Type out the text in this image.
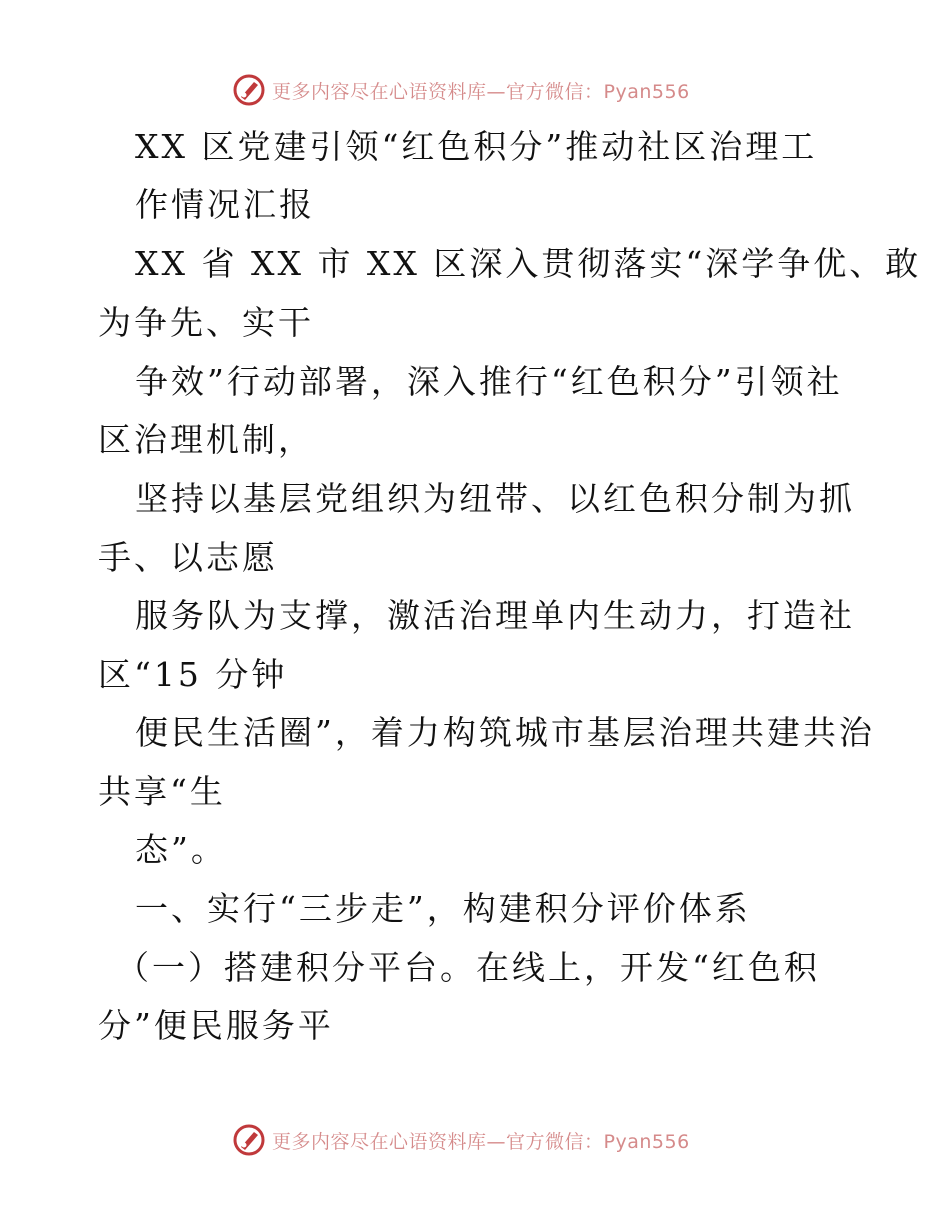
更多内容尽在心语资料库—官方微信：Pyan556
XX 区党建引领“红色积分”推动社区治理工
作情况汇报
XX 省 XX 市 XX 区深入贯彻落实“深学争优、敢
为争先、实干
争效”行动部署，深入推行“红色积分”引领社
区治理机制，
坚持以基层党组织为纽带、以红色积分制为抓
手、以志愿
服务队为支撑，激活治理单内生动力，打造社
区“15 分钟
便民生活圈”，着力构筑城市基层治理共建共治
共享“生
态”。
一、实行“三步走”，构建积分评价体系
（一）搭建积分平台。在线上，开发“红色积
分”便民服务平
更多内容尽在心语资料库—官方微信：Pyan556
